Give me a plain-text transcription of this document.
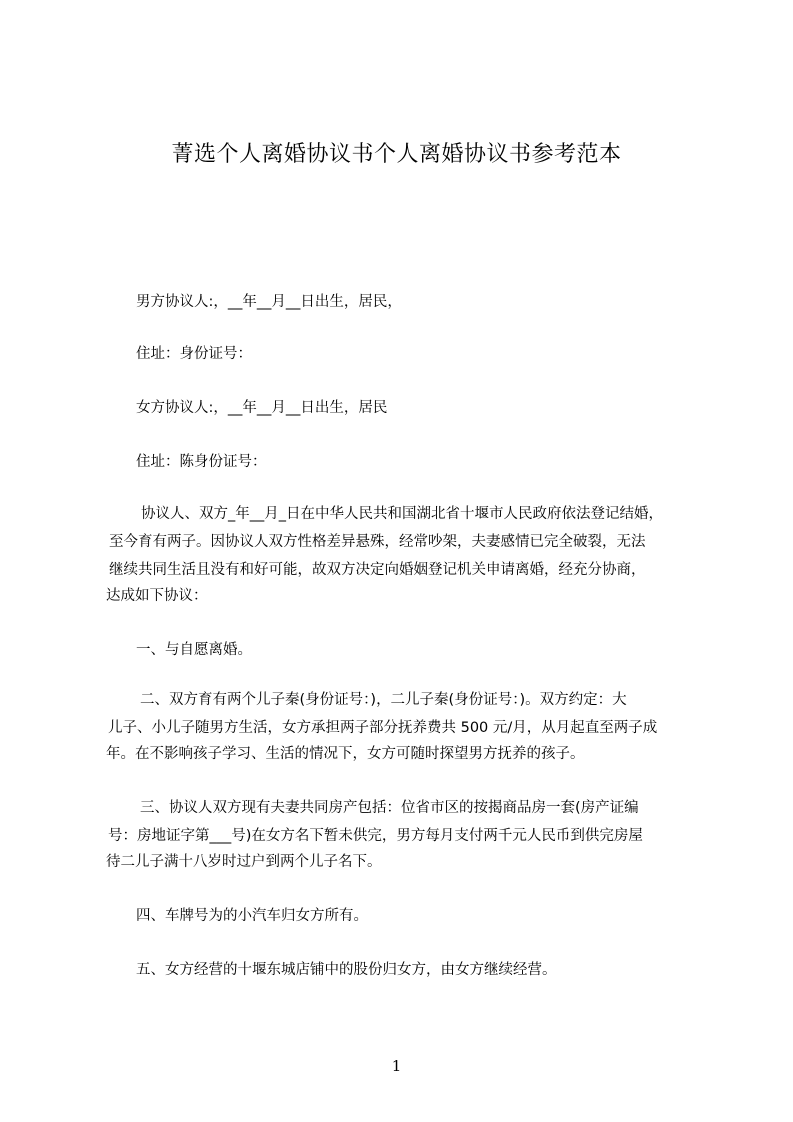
菁选个人离婚协议书个人离婚协议书参考范本
男方协议人:，__年__月__日出生，居民，
住址：身份证号：
女方协议人:，__年__月__日出生，居民
住址：陈身份证号：
协议人、双方_年__月_日在中华人民共和国湖北省十堰市人民政府依法登记结婚，
至今育有两子。因协议人双方性格差异悬殊，经常吵架，夫妻感情已完全破裂，无法
继续共同生活且没有和好可能，故双方决定向婚姻登记机关申请离婚，经充分协商，
达成如下协议：
一、与自愿离婚。
二、双方育有两个儿子秦(身份证号：)，二儿子秦(身份证号：)。双方约定：大
儿子、小儿子随男方生活，女方承担两子部分抚养费共 500 元/月，从月起直至两子成
年。在不影响孩子学习、生活的情况下，女方可随时探望男方抚养的孩子。
三、协议人双方现有夫妻共同房产包括：位省市区的按揭商品房一套(房产证编
号：房地证字第___号)在女方名下暂未供完，男方每月支付两千元人民币到供完房屋
待二儿子满十八岁时过户到两个儿子名下。
四、车牌号为的小汽车归女方所有。
五、女方经营的十堰东城店铺中的股份归女方，由女方继续经营。
1
